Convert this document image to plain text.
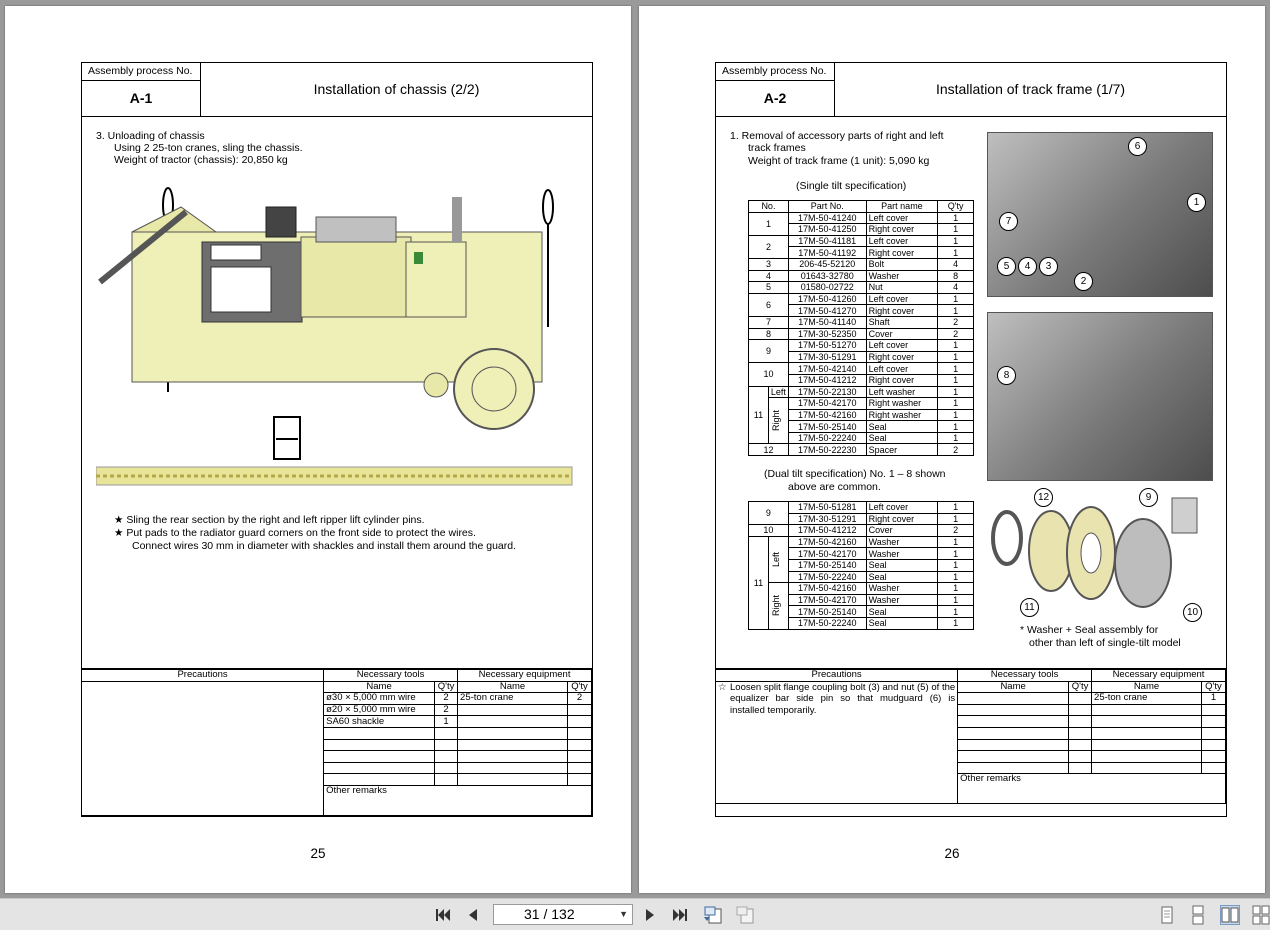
Assembly process No.
A-1
Installation of chassis (2/2)
3. Unloading of chassis
Using 2 25-ton cranes, sling the chassis.
Weight of tractor (chassis): 20,850 kg
★ Sling the rear section by the right and left ripper lift cylinder pins.
★ Put pads to the radiator guard corners on the front side to protect the wires.
Connect wires 30 mm in diameter with shackles and install them around the guard.
Precautions	Necessary tools		Necessary equipment	
	Name	Q'ty	Name	Q'ty
	ø30 × 5,000 mm wire	2	25-ton crane	2
	ø20 × 5,000 mm wire	2		
	SA60 shackle	1		

	Other remarks			
25
Assembly process No.
A-2
Installation of track frame (1/7)
1. Removal of accessory parts of right and left
track frames
Weight of track frame (1 unit): 5,090 kg
(Single tilt specification)
No.		Part No.	Part name	Q'ty
1		17M-50-41240	Left cover	1
		17M-50-41250	Right cover	1
2		17M-50-41181	Left cover	1
		17M-50-41192	Right cover	1
3		206-45-52120	Bolt	4
4		01643-32780	Washer	8
5		01580-02722	Nut	4
6		17M-50-41260	Left cover	1
		17M-50-41270	Right cover	1
7		17M-50-41140	Shaft	2
8		17M-30-52350	Cover	2
9		17M-50-51270	Left cover	1
		17M-30-51291	Right cover	1
10		17M-50-42140	Left cover	1
		17M-50-41212	Right cover	1
11	Left	17M-50-22130	Left washer	1

	Right	17M-50-42170	Right washer	1
		17M-50-42160	Right washer	1
		17M-50-25140	Seal	1
		17M-50-22240	Seal	1
12		17M-50-22230	Spacer	2
(Dual tilt specification) No. 1 – 8 shown
above are common.
9		17M-50-51281	Left cover	1
		17M-30-51291	Right cover	1
10		17M-50-41212	Cover	2
11	Left	17M-50-42160	Washer	1
		17M-50-42170	Washer	1
		17M-50-25140	Seal	1
		17M-50-22240	Seal	1

	Right	17M-50-42160	Washer	1
		17M-50-42170	Washer	1
		17M-50-25140	Seal	1
		17M-50-22240	Seal	1
6
1
7
5	4	3
2
8
12	9
11	10
* Washer + Seal assembly for
other than left of single-tilt model
Precautions	Necessary tools		Necessary equipment	

☆ Loosen split flange coupling bolt (3) and nut (5) of the equalizer bar side pin so that mudguard (6) is installed temporarily.	Name	Q'ty	Name	Q'ty
			25-ton crane	1

	Other remarks			
26
31 / 132	▼
